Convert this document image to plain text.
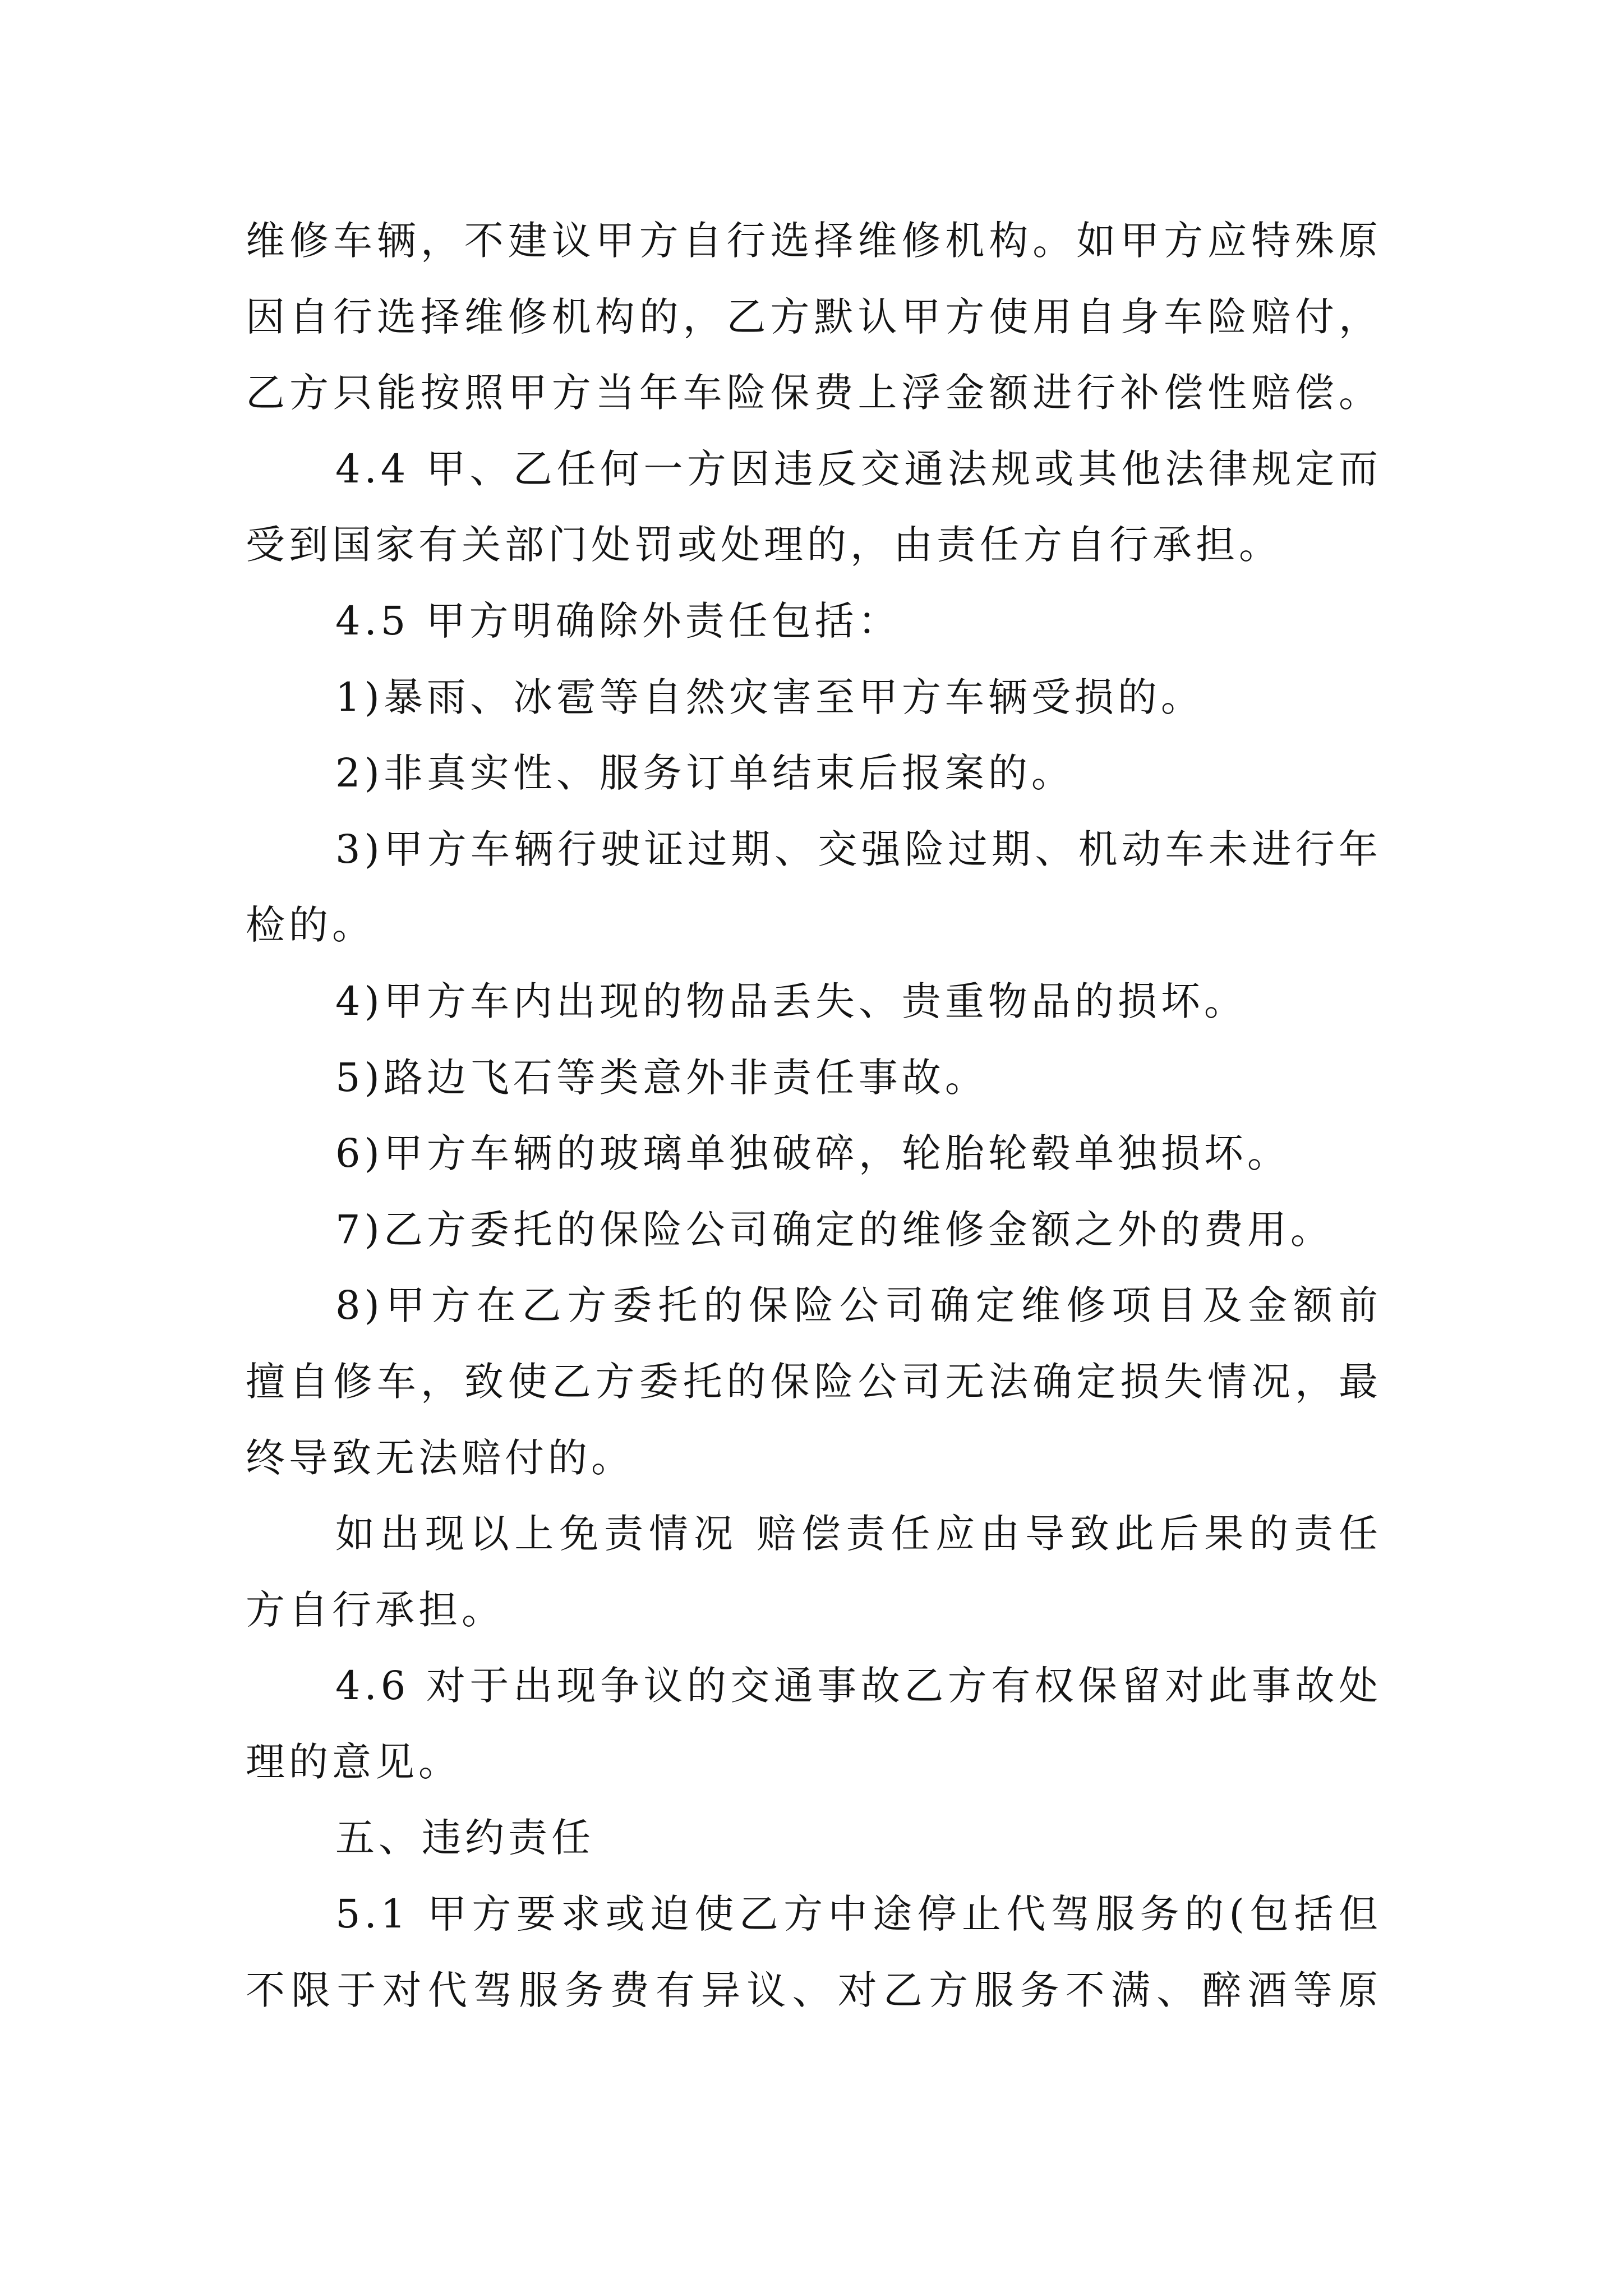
维修车辆，不建议甲方自行选择维修机构。如甲方应特殊原
因自行选择维修机构的，乙方默认甲方使用自身车险赔付，
乙方只能按照甲方当年车险保费上浮金额进行补偿性赔偿。
4.4 甲、乙任何一方因违反交通法规或其他法律规定而
受到国家有关部门处罚或处理的，由责任方自行承担。
4.5 甲方明确除外责任包括：
1)暴雨、冰雹等自然灾害至甲方车辆受损的。
2)非真实性、服务订单结束后报案的。
3)甲方车辆行驶证过期、交强险过期、机动车未进行年
检的。
4)甲方车内出现的物品丢失、贵重物品的损坏。
5)路边飞石等类意外非责任事故。
6)甲方车辆的玻璃单独破碎，轮胎轮毂单独损坏。
7)乙方委托的保险公司确定的维修金额之外的费用。
8)甲方在乙方委托的保险公司确定维修项目及金额前
擅自修车，致使乙方委托的保险公司无法确定损失情况，最
终导致无法赔付的。
如出现以上免责情况 赔偿责任应由导致此后果的责任
方自行承担。
4.6 对于出现争议的交通事故乙方有权保留对此事故处
理的意见。
五、违约责任
5.1 甲方要求或迫使乙方中途停止代驾服务的(包括但
不限于对代驾服务费有异议、对乙方服务不满、醉酒等原
